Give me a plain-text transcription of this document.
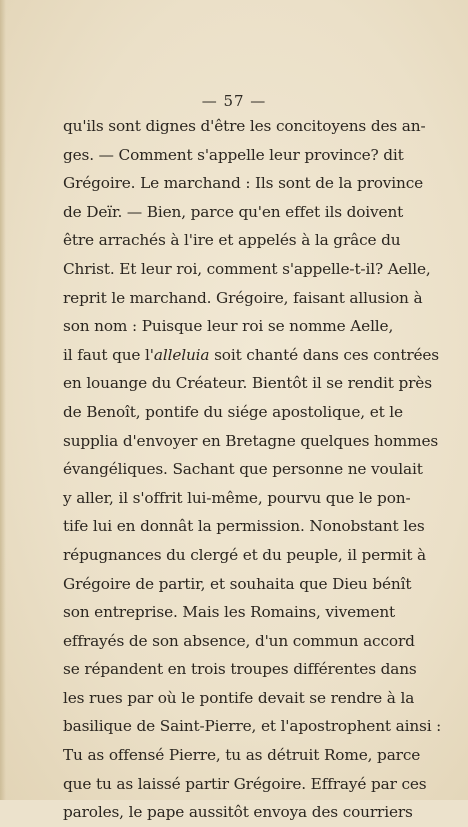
— 57 —
qu'ils sont dignes d'être les concitoyens des an-
ges. — Comment s'appelle leur province? dit
Grégoire. Le marchand : Ils sont de la province
de Deïr. — Bien, parce qu'en effet ils doivent
être arrachés à l'ire et appelés à la grâce du
Christ. Et leur roi, comment s'appelle-t-il? Aelle,
reprit le marchand. Grégoire, faisant allusion à
son nom : Puisque leur roi se nomme Aelle,
il faut que l'alleluia soit chanté dans ces contrées
en louange du Créateur. Bientôt il se rendit près
de Benoît, pontife du siége apostolique, et le
supplia d'envoyer en Bretagne quelques hommes
évangéliques. Sachant que personne ne voulait
y aller, il s'offrit lui-même, pourvu que le pon-
tife lui en donnât la permission. Nonobstant les
répugnances du clergé et du peuple, il permit à
Grégoire de partir, et souhaita que Dieu bénît
son entreprise. Mais les Romains, vivement
effrayés de son absence, d'un commun accord
se répandent en trois troupes différentes dans
les rues par où le pontife devait se rendre à la
basilique de Saint-Pierre, et l'apostrophent ainsi :
Tu as offensé Pierre, tu as détruit Rome, parce
que tu as laissé partir Grégoire. Effrayé par ces
paroles, le pape aussitôt envoya des courriers
